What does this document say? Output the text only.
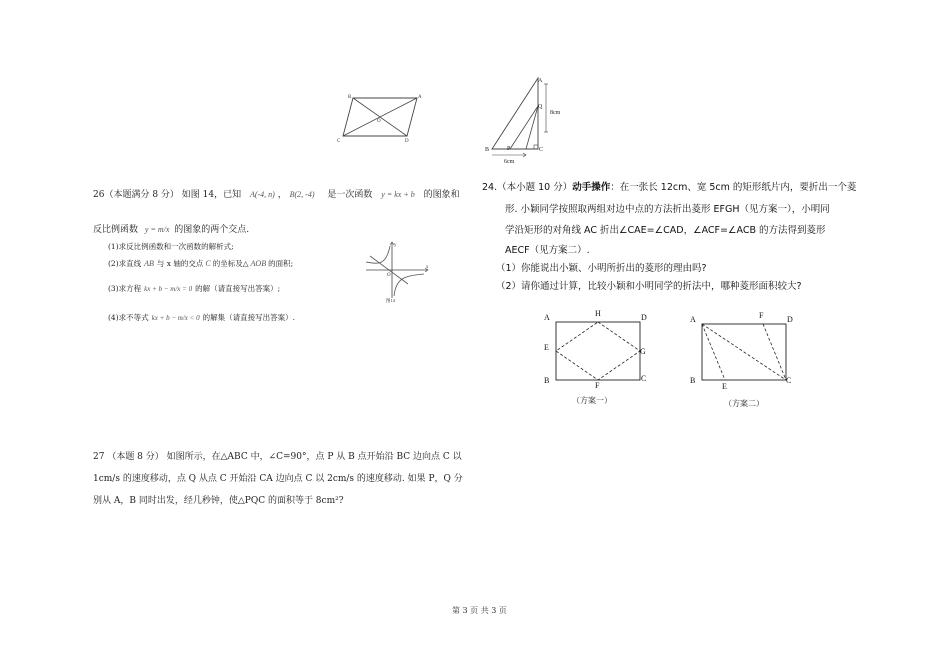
B	A
O
C	D
A
Q
8cm
B	P	C
6cm
26（本题满分 8 分） 如图 14，已知 A(-4, n) ， B(2, -4) 是一次函数 y = kx + b 的图象和
反比例函数 y = m/x 的图象的两个交点.
(1)求反比例函数和一次函数的解析式;
(2)求直线 AB 与 x 轴的交点 C 的坐标及△ AOB 的面积;
(3)求方程 kx + b − m/x = 0 的解（请直接写出答案）;
(4)求不等式 kx + b − m/x < 0 的解集（请直接写出答案）.
y
x
O
图14
27 （本题 8 分） 如图所示，在△ABC 中，∠C=90°，点 P 从 B 点开始沿 BC 边向点 C 以
1cm/s 的速度移动，点 Q 从点 C 开始沿 CA 边向点 C 以 2cm/s 的速度移动. 如果 P，Q 分
别从 A，B 同时出发，经几秒钟，使△PQC 的面积等于 8cm²?
24.（本小题 10 分）动手操作：在一张长 12cm、宽 5cm 的矩形纸片内，要折出一个菱
形. 小颖同学按照取两组对边中点的方法折出菱形 EFGH（见方案一），小明同
学沿矩形的对角线 AC 折出∠CAE=∠CAD，∠ACF=∠ACB 的方法得到菱形
AECF（见方案二）.
（1）你能说出小颖、小明所折出的菱形的理由吗?
（2）请你通过计算，比较小颖和小明同学的折法中，哪种菱形面积较大?
A	H	D
E	G
B
F
C
（方案一）
A	F	D
B
E
C
（方案二）
第 3 页 共 3 页
